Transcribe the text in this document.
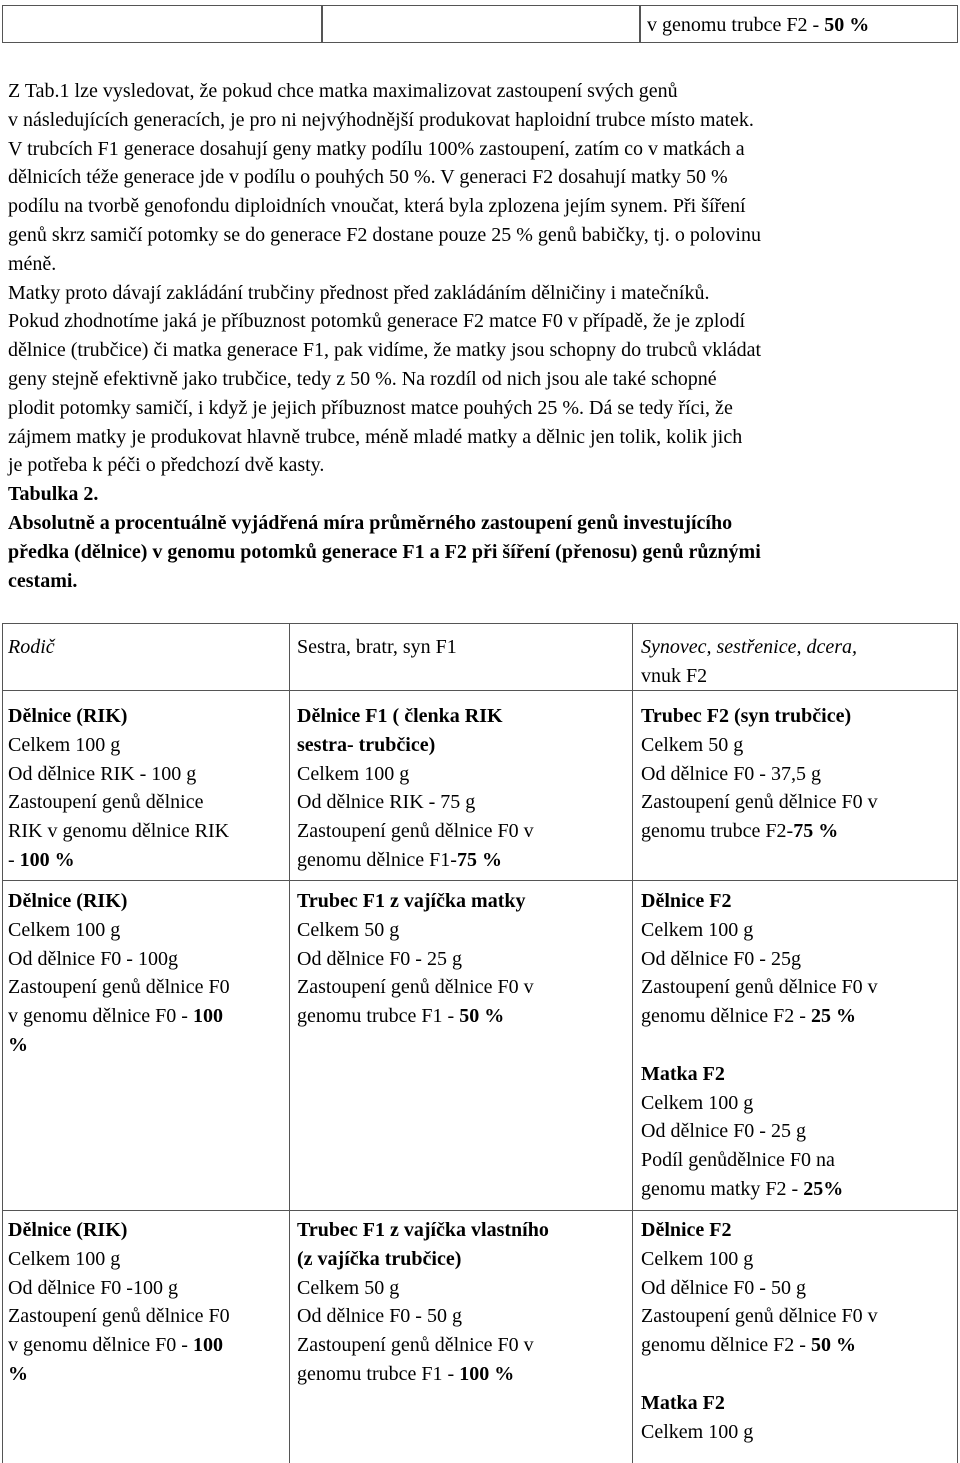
v genomu trubce F2 - 50 %

Z Tab.1 lze vysledovat, že pokud chce matka maximalizovat zastoupení svých genů

v následujících generacích, je pro ni nejvýhodnější produkovat haploidní trubce místo matek.

V trubcích F1 generace dosahují geny matky podílu 100% zastoupení, zatím co v matkách a

dělnicích téže generace jde v podílu o pouhých 50 %. V generaci F2 dosahují matky 50 %

podílu na tvorbě genofondu diploidních vnoučat, která byla zplozena jejím synem. Při šíření

genů skrz samičí potomky se do generace F2 dostane pouze 25 % genů babičky, tj. o polovinu

méně.

Matky proto dávají zakládání trubčiny přednost před zakládáním dělničiny i matečníků.

Pokud zhodnotíme jaká je příbuznost potomků generace F2 matce F0 v případě, že je zplodí

dělnice (trubčice) či matka generace F1, pak vidíme, že matky jsou schopny do trubců vkládat

geny stejně efektivně jako trubčice, tedy z 50 %. Na rozdíl od nich jsou ale také schopné

plodit potomky samičí, i když je jejich příbuznost matce pouhých 25 %. Dá se tedy říci, že

zájmem matky je produkovat hlavně trubce, méně mladé matky a dělnic jen tolik, kolik jich

je potřeba k péči o předchozí dvě kasty.

Tabulka 2.

Absolutně a procentuálně vyjádřená míra průměrného zastoupení genů investujícího

předka (dělnice) v genomu potomků generace F1 a F2 při šíření (přenosu) genů různými

cestami.

Rodič	Sestra, bratr, syn F1	Synovec, sestřenice, dcera,

vnuk F2

Dělnice (RIK)

Celkem 100 g

Od dělnice RIK - 100 g

Zastoupení genů dělnice

RIK v genomu dělnice RIK

- 100 %

Dělnice F1 ( členka RIK

sestra- trubčice)

Celkem 100 g

Od dělnice RIK - 75 g

Zastoupení genů dělnice F0 v

genomu dělnice F1-75 %

Trubec F2 (syn trubčice)

Celkem 50 g

Od dělnice F0 - 37,5 g

Zastoupení genů dělnice F0 v

genomu trubce F2-75 %

Dělnice (RIK)

Celkem 100 g

Od dělnice F0 - 100g

Zastoupení genů dělnice F0

v genomu dělnice F0 - 100

%

Trubec F1 z vajíčka matky

Celkem 50 g

Od dělnice F0 - 25 g

Zastoupení genů dělnice F0 v

genomu trubce F1 - 50 %

Dělnice F2

Celkem 100 g

Od dělnice F0 - 25g

Zastoupení genů dělnice F0 v

genomu dělnice F2 - 25 %

Matka F2

Celkem 100 g

Od dělnice F0 - 25 g

Podíl genůdělnice F0 na

genomu matky F2 - 25%

Dělnice (RIK)

Celkem 100 g

Od dělnice F0 -100 g

Zastoupení genů dělnice F0

v genomu dělnice F0 - 100

%

Trubec F1 z vajíčka vlastního

(z vajíčka trubčice)

Celkem 50 g

Od dělnice F0 - 50 g

Zastoupení genů dělnice F0 v

genomu trubce F1 - 100 %

Dělnice F2

Celkem 100 g

Od dělnice F0 - 50 g

Zastoupení genů dělnice F0 v

genomu dělnice F2 - 50 %

Matka F2

Celkem 100 g
